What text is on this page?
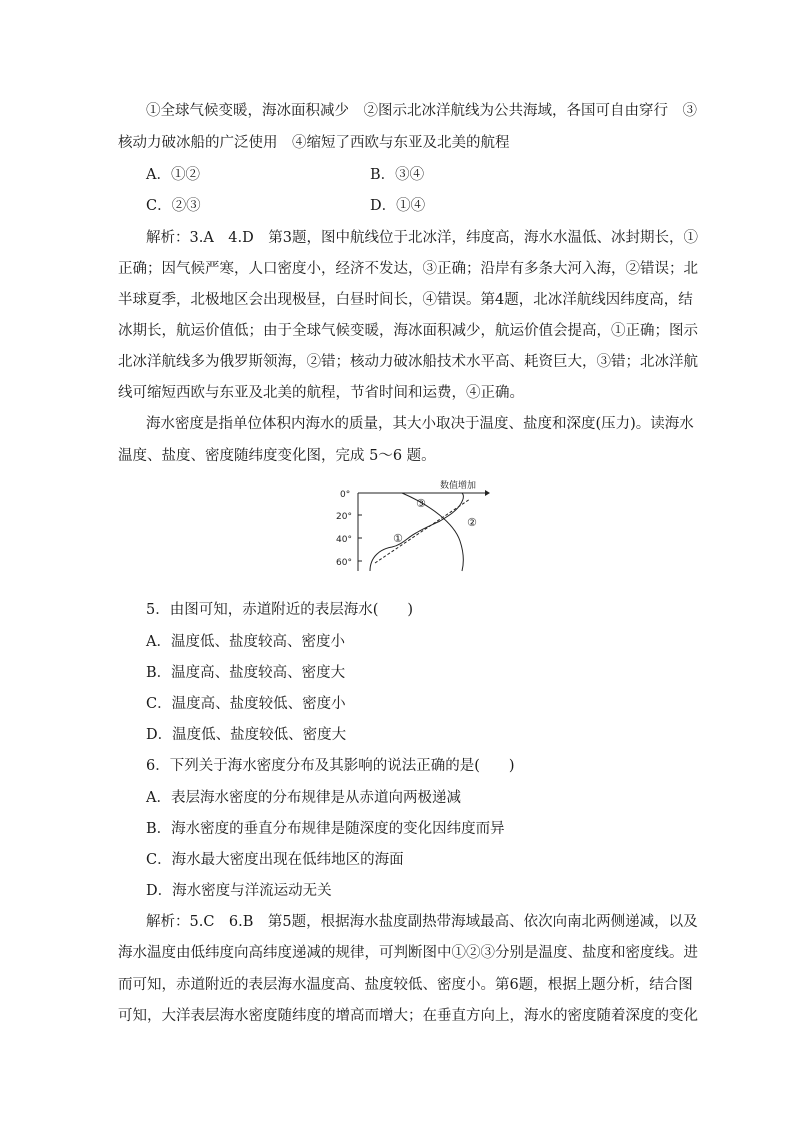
①全球气候变暖，海冰面积减少　②图示北冰洋航线为公共海域，各国可自由穿行　③
核动力破冰船的广泛使用　④缩短了西欧与东亚及北美的航程
A．①②	B．③④
C．②③	D．①④
解析：3.A　4.D　第3题，图中航线位于北冰洋，纬度高，海水水温低、冰封期长，①
正确；因气候严寒，人口密度小，经济不发达，③正确；沿岸有多条大河入海，②错误；北
半球夏季，北极地区会出现极昼，白昼时间长，④错误。第4题，北冰洋航线因纬度高，结
冰期长，航运价值低；由于全球气候变暖，海冰面积减少，航运价值会提高，①正确；图示
北冰洋航线多为俄罗斯领海，②错；核动力破冰船技术水平高、耗资巨大，③错；北冰洋航
线可缩短西欧与东亚及北美的航程，节省时间和运费，④正确。
海水密度是指单位体积内海水的质量，其大小取决于温度、盐度和深度(压力)。读海水
温度、盐度、密度随纬度变化图，完成 5～6 题。
0°
20°
40°
60°
数值增加
①
②
③
5．由图可知，赤道附近的表层海水(　　)
A．温度低、盐度较高、密度小
B．温度高、盐度较高、密度大
C．温度高、盐度较低、密度小
D．温度低、盐度较低、密度大
6．下列关于海水密度分布及其影响的说法正确的是(　　)
A．表层海水密度的分布规律是从赤道向两极递减
B．海水密度的垂直分布规律是随深度的变化因纬度而异
C．海水最大密度出现在低纬地区的海面
D．海水密度与洋流运动无关
解析：5.C　6.B　第5题，根据海水盐度副热带海域最高、依次向南北两侧递减，以及
海水温度由低纬度向高纬度递减的规律，可判断图中①②③分别是温度、盐度和密度线。进
而可知，赤道附近的表层海水温度高、盐度较低、密度小。第6题，根据上题分析，结合图
可知，大洋表层海水密度随纬度的增高而增大；在垂直方向上，海水的密度随着深度的变化
